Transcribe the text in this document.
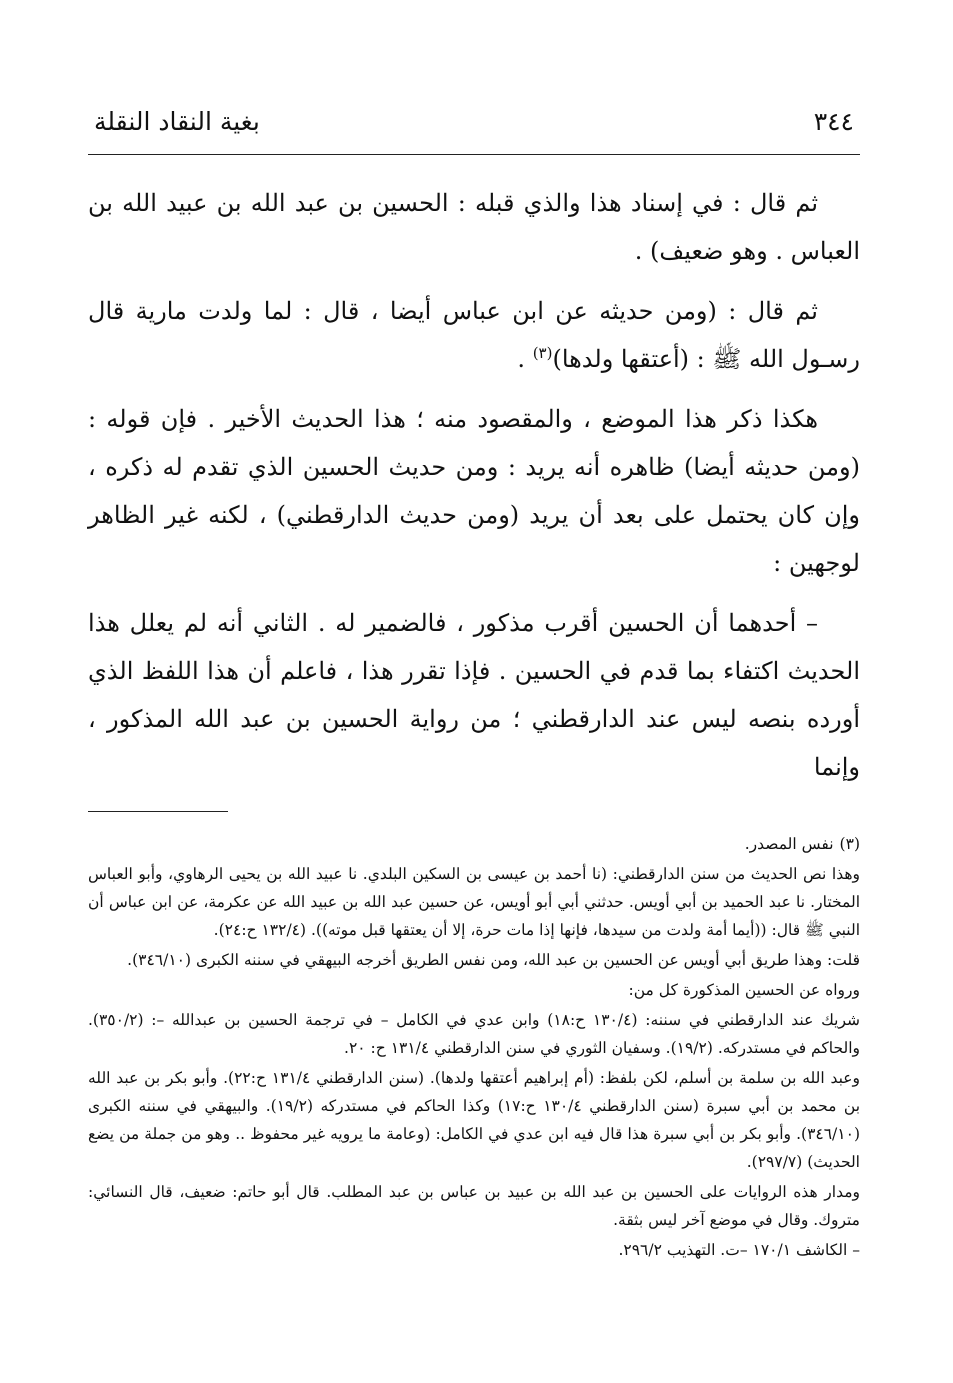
٣٤٤
بغية النقاد النقلة

ثم قال : في إسناد هذا والذي قبله : الحسين بن عبد الله بن عبيد الله بن العباس . وهو ضعيف) .

ثم قال : (ومن حديثه عن ابن عباس أيضا ، قال : لما ولدت مارية قال رسـول الله ﷺ : (أعتقها ولدها)$^{(٣)}$ .

هكذا ذكر هذا الموضع ، والمقصود منه ؛ هذا الحديث الأخير . فإن قوله : (ومن حديثه أيضا) ظاهره أنه يريد : ومن حديث الحسين الذي تقدم له ذكره ، وإن كان يحتمل على بعد أن يريد (ومن حديث الدارقطني) ، لكنه غير الظاهر لوجهين :

– أحدهما أن الحسين أقرب مذكور ، فالضمير له . الثاني أنه لم يعلل هذا الحديث اكتفاء بما قدم في الحسين . فإذا تقرر هذا ، فاعلم أن هذا اللفظ الذي أورده بنصه ليس عند الدارقطني ؛ من رواية الحسين بن عبد الله المذكور ، وإنما

(٣)نفس المصدر.

وهذا نص الحديث من سنن الدارقطني: (نا أحمد بن عيسى بن السكين البلدي. نا عبيد الله بن يحيى الرهاوي، وأبو العباس المختار. نا عبد الحميد بن أبي أويس. حدثني أبي أبو أويس، عن حسين عبد الله بن عبيد الله عن عكرمة، عن ابن عباس أن النبي ﷺ قال: ((أيما أمة ولدت من سيدها، فإنها إذا مات حرة، إلا أن يعتقها قبل موته)). (١٣٢/٤ ح:٢٤).

قلت: وهذا طريق أبي أويس عن الحسين بن عبد الله، ومن نفس الطريق أخرجه البيهقي في سننه الكبرى (٣٤٦/١٠).

ورواه عن الحسين المذكورة كل من:

شريك عند الدارقطني في سننه: (١٣٠/٤ ح:١٨) وابن عدي في الكامل – في ترجمة الحسين بن عبدالله –: (٣٥٠/٢). والحاكم في مستدركه. (١٩/٢). وسفيان الثوري في سنن الدارقطني ١٣١/٤ ح: ٢٠.

وعبد الله بن سلمة بن أسلم، لكن بلفظ: (أم إبراهيم أعتقها ولدها). (سنن الدارقطني ١٣١/٤ ح:٢٢). وأبو بكر بن عبد الله بن محمد بن أبي سبرة (سنن الدارقطني ١٣٠/٤ ح:١٧) وكذا الحاكم في مستدركه (١٩/٢). والبيهقي في سننه الكبرى (٣٤٦/١٠). وأبو بكر بن أبي سبرة هذا قال فيه ابن عدي في الكامل: (وعامة ما يرويه غير محفوظ .. وهو من جملة من يضع الحديث) (٢٩٧/٧).

ومدار هذه الروايات على الحسين بن عبد الله بن عبيد بن عباس بن عبد المطلب. قال أبو حاتم: ضعيف، قال النسائي: متروك. وقال في موضع آخر ليس بثقة.

– الكاشف ١٧٠/١ –ت. التهذيب ٢٩٦/٢.
